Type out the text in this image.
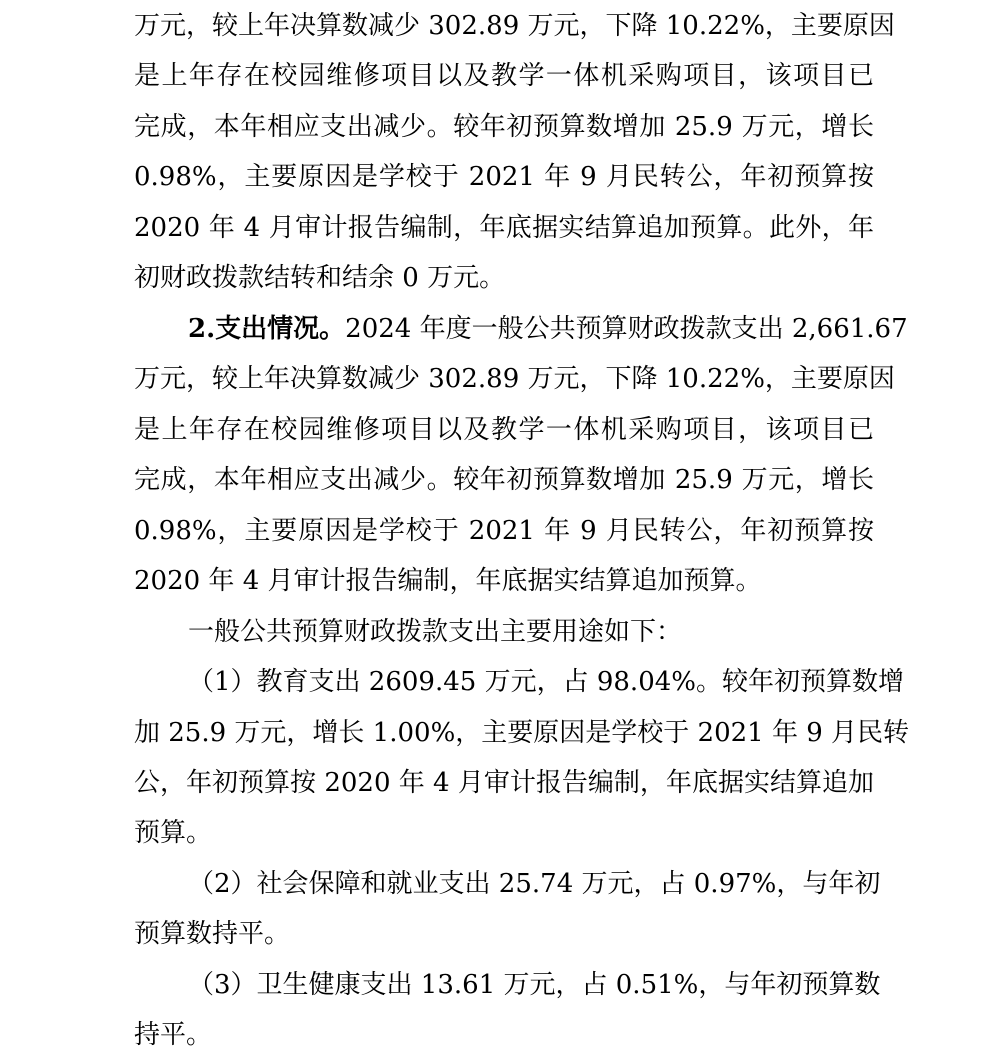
万元，较上年决算数减少 302.89 万元，下降 10.22%，主要原因
是上年存在校园维修项目以及教学一体机采购项目，该项目已
完成，本年相应支出减少。较年初预算数增加 25.9 万元，增长
0.98%，主要原因是学校于 2021 年 9 月民转公，年初预算按
2020 年 4 月审计报告编制，年底据实结算追加预算。此外，年
初财政拨款结转和结余 0 万元。
2.支出情况。2024 年度一般公共预算财政拨款支出 2,661.67
万元，较上年决算数减少 302.89 万元，下降 10.22%，主要原因
是上年存在校园维修项目以及教学一体机采购项目，该项目已
完成，本年相应支出减少。较年初预算数增加 25.9 万元，增长
0.98%，主要原因是学校于 2021 年 9 月民转公，年初预算按
2020 年 4 月审计报告编制，年底据实结算追加预算。
一般公共预算财政拨款支出主要用途如下：
（1）教育支出 2609.45 万元，占 98.04%。较年初预算数增
加 25.9 万元，增长 1.00%，主要原因是学校于 2021 年 9 月民转
公，年初预算按 2020 年 4 月审计报告编制，年底据实结算追加
预算。
（2）社会保障和就业支出 25.74 万元，占 0.97%，与年初
预算数持平。
（3）卫生健康支出 13.61 万元，占 0.51%，与年初预算数
持平。
